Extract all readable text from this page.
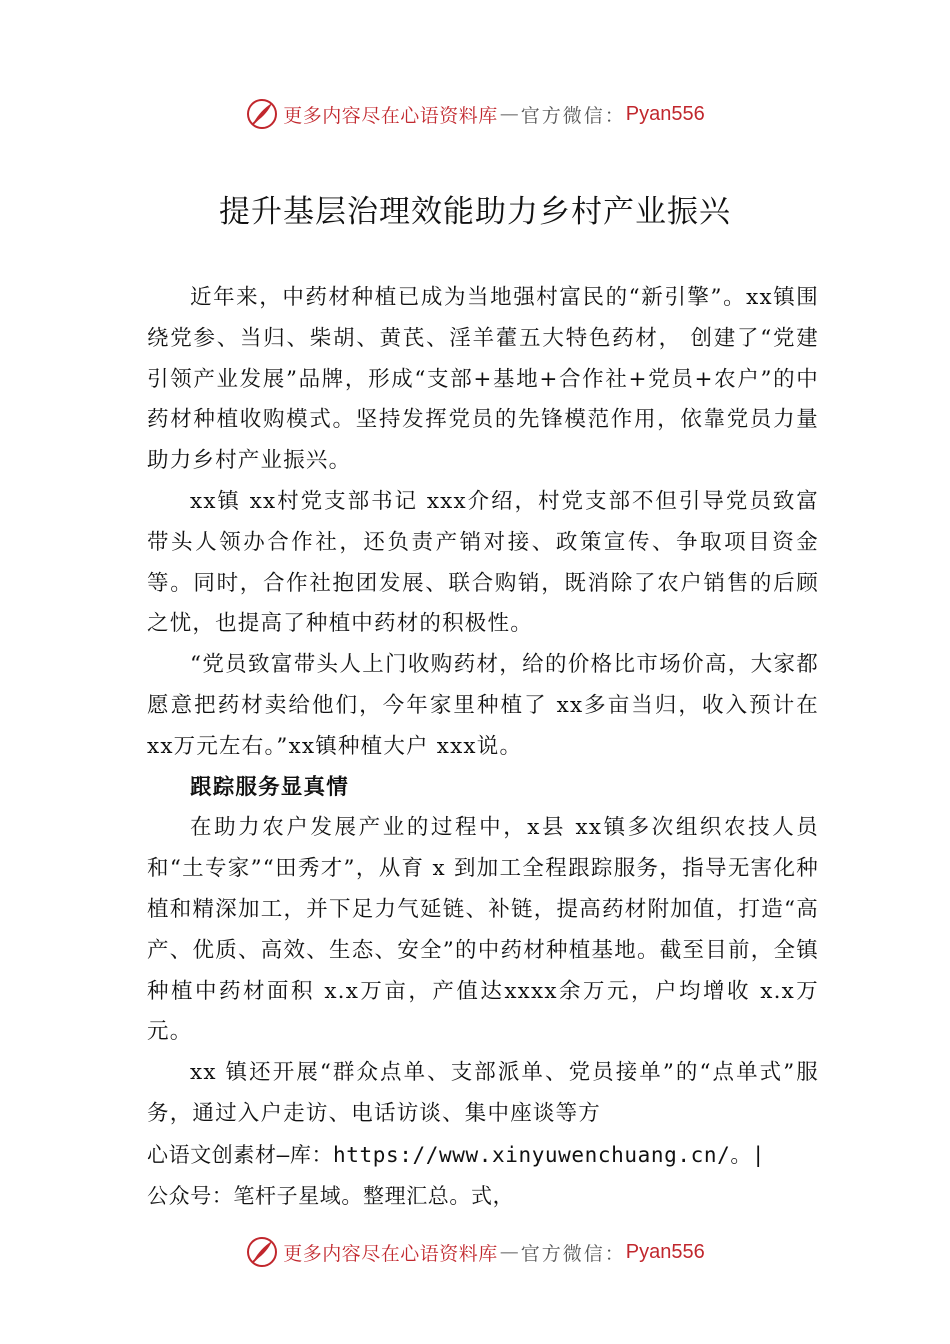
更多内容尽在心语资料库 — 官方微信： Pyan556
提升基层治理效能助力乡村产业振兴

近年来，中药材种植已成为当地强村富民的“新引擎”。xx镇围绕党参、当归、柴胡、黄芪、淫羊藿五大特色药材， 创建了“党建引领产业发展”品牌，形成“支部+基地+合作社+党员+农户”的中药材种植收购模式。坚持发挥党员的先锋模范作用，依靠党员力量助力乡村产业振兴。

xx镇 xx村党支部书记 xxx介绍，村党支部不但引导党员致富带头人领办合作社，还负责产销对接、政策宣传、争取项目资金等。同时，合作社抱团发展、联合购销，既消除了农户销售的后顾之忧，也提高了种植中药材的积极性。

“党员致富带头人上门收购药材，给的价格比市场价高，大家都愿意把药材卖给他们，今年家里种植了 xx多亩当归，收入预计在xx万元左右。”xx镇种植大户 xxx说。

跟踪服务显真情

在助力农户发展产业的过程中，x县 xx镇多次组织农技人员和“土专家”“田秀才”，从育 x 到加工全程跟踪服务，指导无害化种植和精深加工，并下足力气延链、补链，提高药材附加值，打造“高产、优质、高效、生态、安全”的中药材种植基地。截至目前，全镇种植中药材面积 x.x万亩，产值达xxxx余万元，户均增收 x.x万元。

xx 镇还开展“群众点单、支部派单、党员接单”的“点单式”服务，通过入户走访、电话访谈、集中座谈等方

心语文创素材—库：https://www.xinyuwenchuang.cn/。|

公众号：笔杆子星域。整理汇总。式，

更多内容尽在心语资料库 — 官方微信： Pyan556
